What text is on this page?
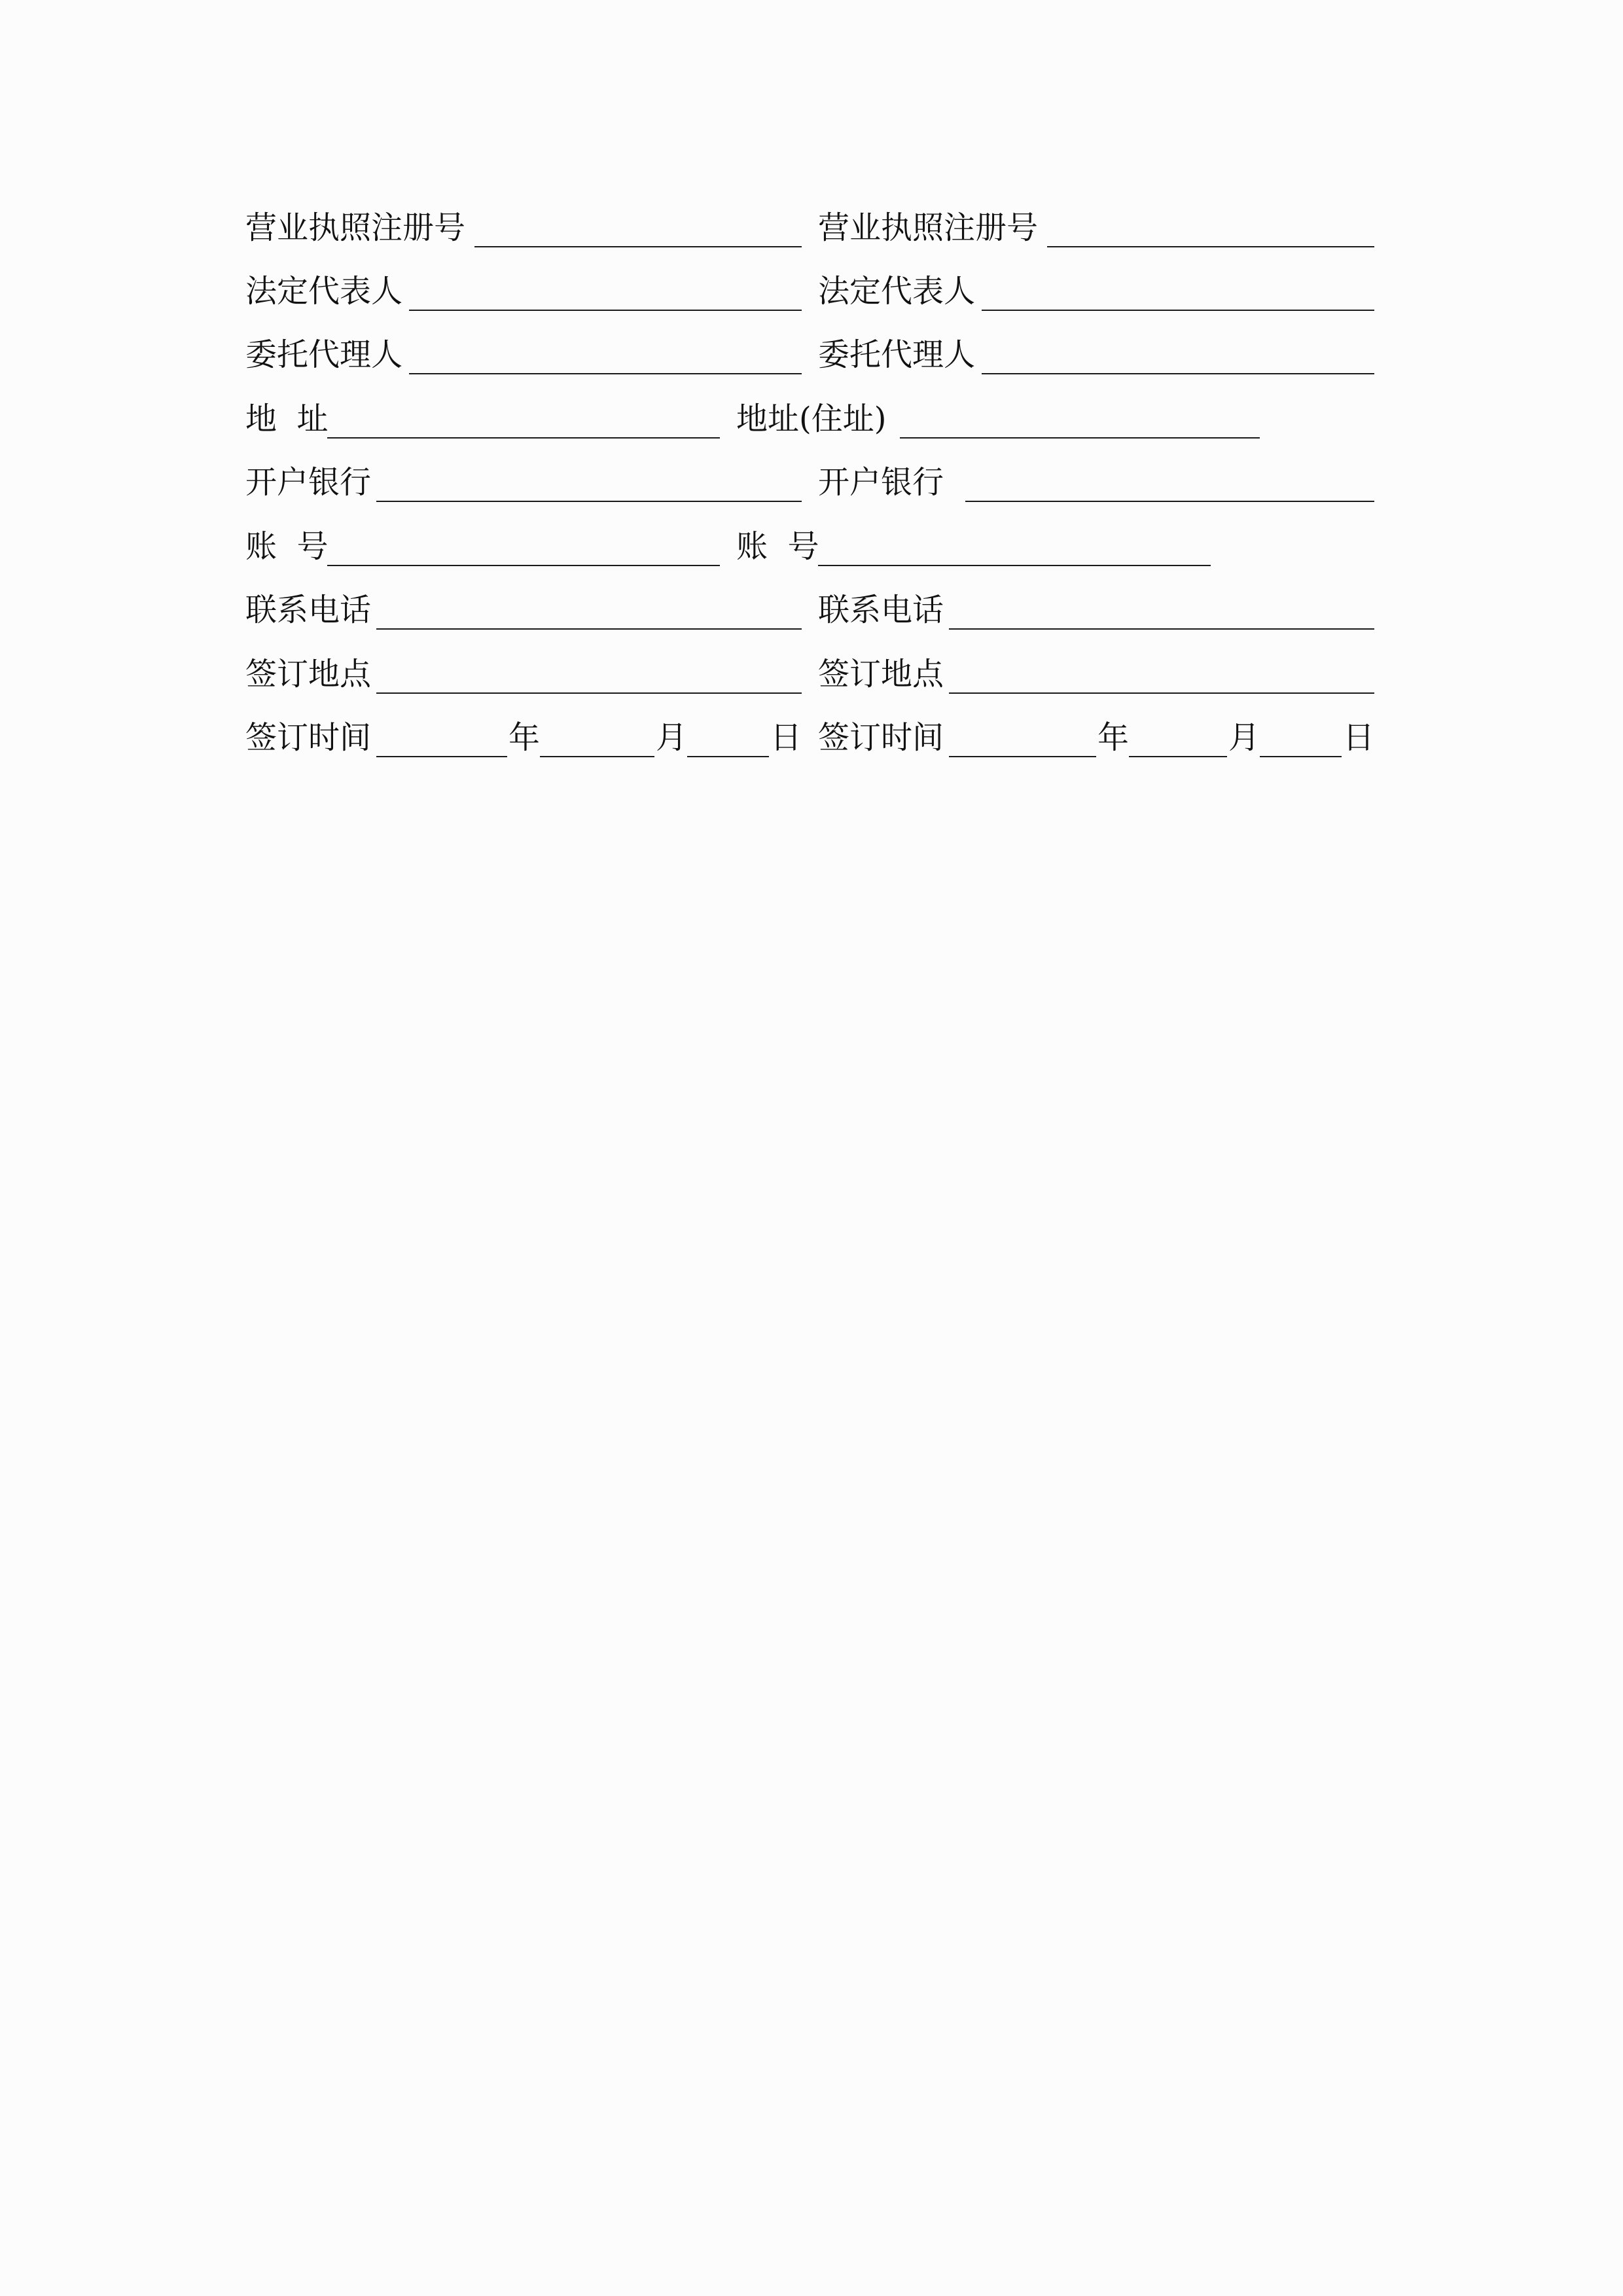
营业执照注册号	营业执照注册号
法定代表人	法定代表人
委托代理人	委托代理人
地  址	地址(住址)
开户银行	开户银行
账  号	账  号
联系电话	联系电话
签订地点	签订地点
签订时间	年	月	日 签订时间	年	月	日
